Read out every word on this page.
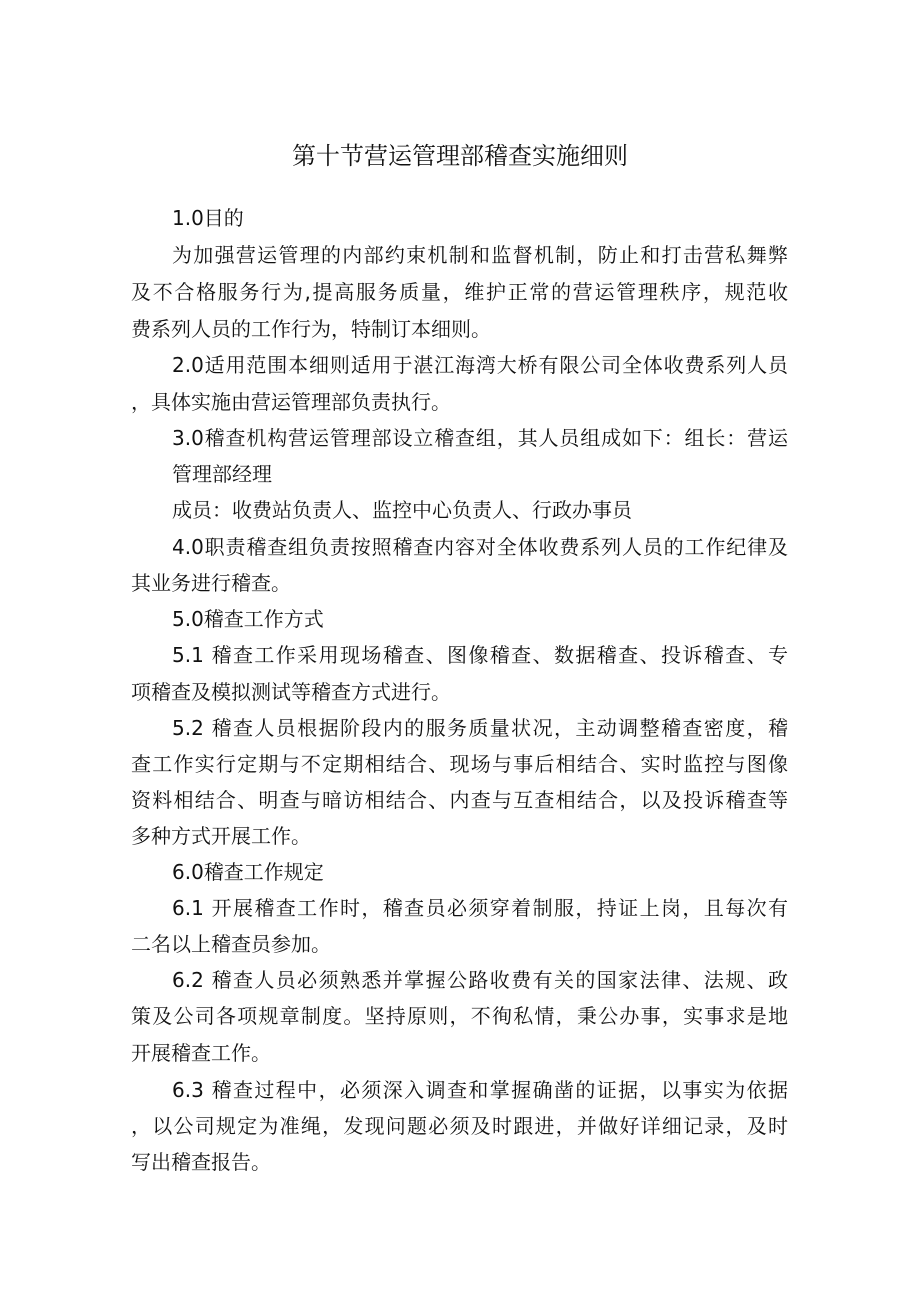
第十节营运管理部稽查实施细则
1.0目的
为加强营运管理的内部约束机制和监督机制，防止和打击营私舞弊
及不合格服务行为,提高服务质量，维护正常的营运管理秩序，规范收
费系列人员的工作行为，特制订本细则。
2.0适用范围本细则适用于湛江海湾大桥有限公司全体收费系列人员
，具体实施由营运管理部负责执行。
3.0稽查机构营运管理部设立稽查组，其人员组成如下：组长：营运
管理部经理
成员：收费站负责人、监控中心负责人、行政办事员
4.0职责稽查组负责按照稽查内容对全体收费系列人员的工作纪律及
其业务进行稽查。
5.0稽查工作方式
5.1 稽查工作采用现场稽查、图像稽查、数据稽查、投诉稽查、专
项稽查及模拟测试等稽查方式进行。
5.2 稽查人员根据阶段内的服务质量状况，主动调整稽查密度，稽
查工作实行定期与不定期相结合、现场与事后相结合、实时监控与图像
资料相结合、明查与暗访相结合、内查与互查相结合，以及投诉稽查等
多种方式开展工作。
6.0稽查工作规定
6.1 开展稽查工作时，稽查员必须穿着制服，持证上岗，且每次有
二名以上稽查员参加。
6.2 稽查人员必须熟悉并掌握公路收费有关的国家法律、法规、政
策及公司各项规章制度。坚持原则，不徇私情，秉公办事，实事求是地
开展稽查工作。
6.3 稽查过程中，必须深入调查和掌握确凿的证据，以事实为依据
，以公司规定为准绳，发现问题必须及时跟进，并做好详细记录，及时
写出稽查报告。
